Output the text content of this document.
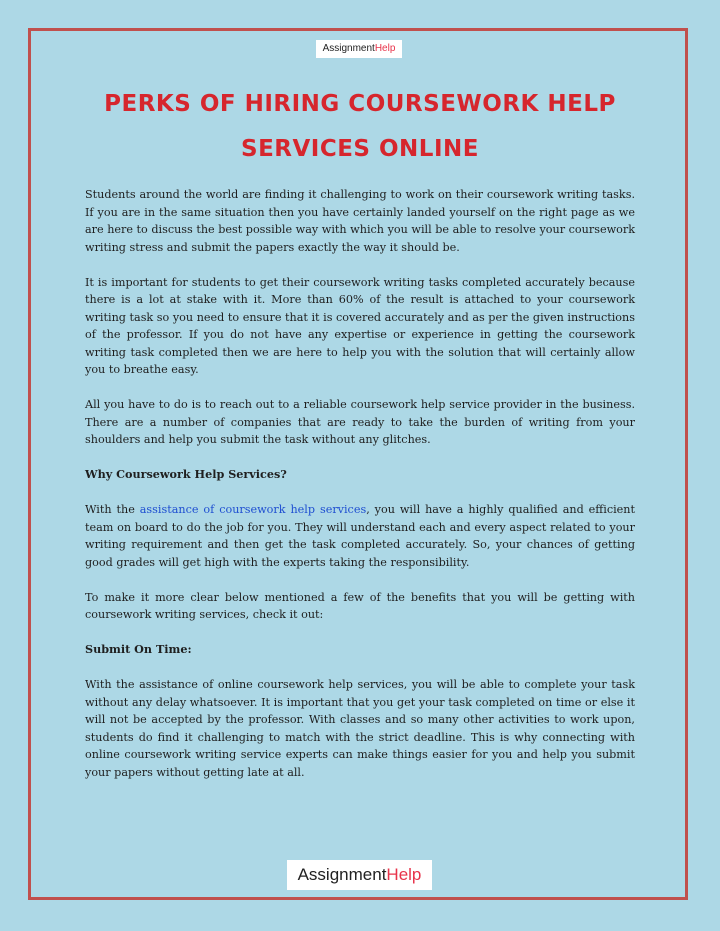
AssignmentHelp
PERKS OF HIRING COURSEWORK HELP
SERVICES ONLINE

Students around the world are finding it challenging to work on their coursework writing tasks. If you are in the same situation then you have certainly landed yourself on the right page as we are here to discuss the best possible way with which you will be able to resolve your coursework writing stress and submit the papers exactly the way it should be.

It is important for students to get their coursework writing tasks completed accurately because there is a lot at stake with it. More than 60% of the result is attached to your coursework writing task so you need to ensure that it is covered accurately and as per the given instructions of the professor. If you do not have any expertise or experience in getting the coursework writing task completed then we are here to help you with the solution that will certainly allow you to breathe easy.

All you have to do is to reach out to a reliable coursework help service provider in the business. There are a number of companies that are ready to take the burden of writing from your shoulders and help you submit the task without any glitches.

Why Coursework Help Services?

With the assistance of coursework help services, you will have a highly qualified and efficient team on board to do the job for you. They will understand each and every aspect related to your writing requirement and then get the task completed accurately. So, your chances of getting good grades will get high with the experts taking the responsibility.

To make it more clear below mentioned a few of the benefits that you will be getting with coursework writing services, check it out:

Submit On Time:

With the assistance of online coursework help services, you will be able to complete your task without any delay whatsoever. It is important that you get your task completed on time or else it will not be accepted by the professor. With classes and so many other activities to work upon, students do find it challenging to match with the strict deadline. This is why connecting with online coursework writing service experts can make things easier for you and help you submit your papers without getting late at all.

AssignmentHelp
